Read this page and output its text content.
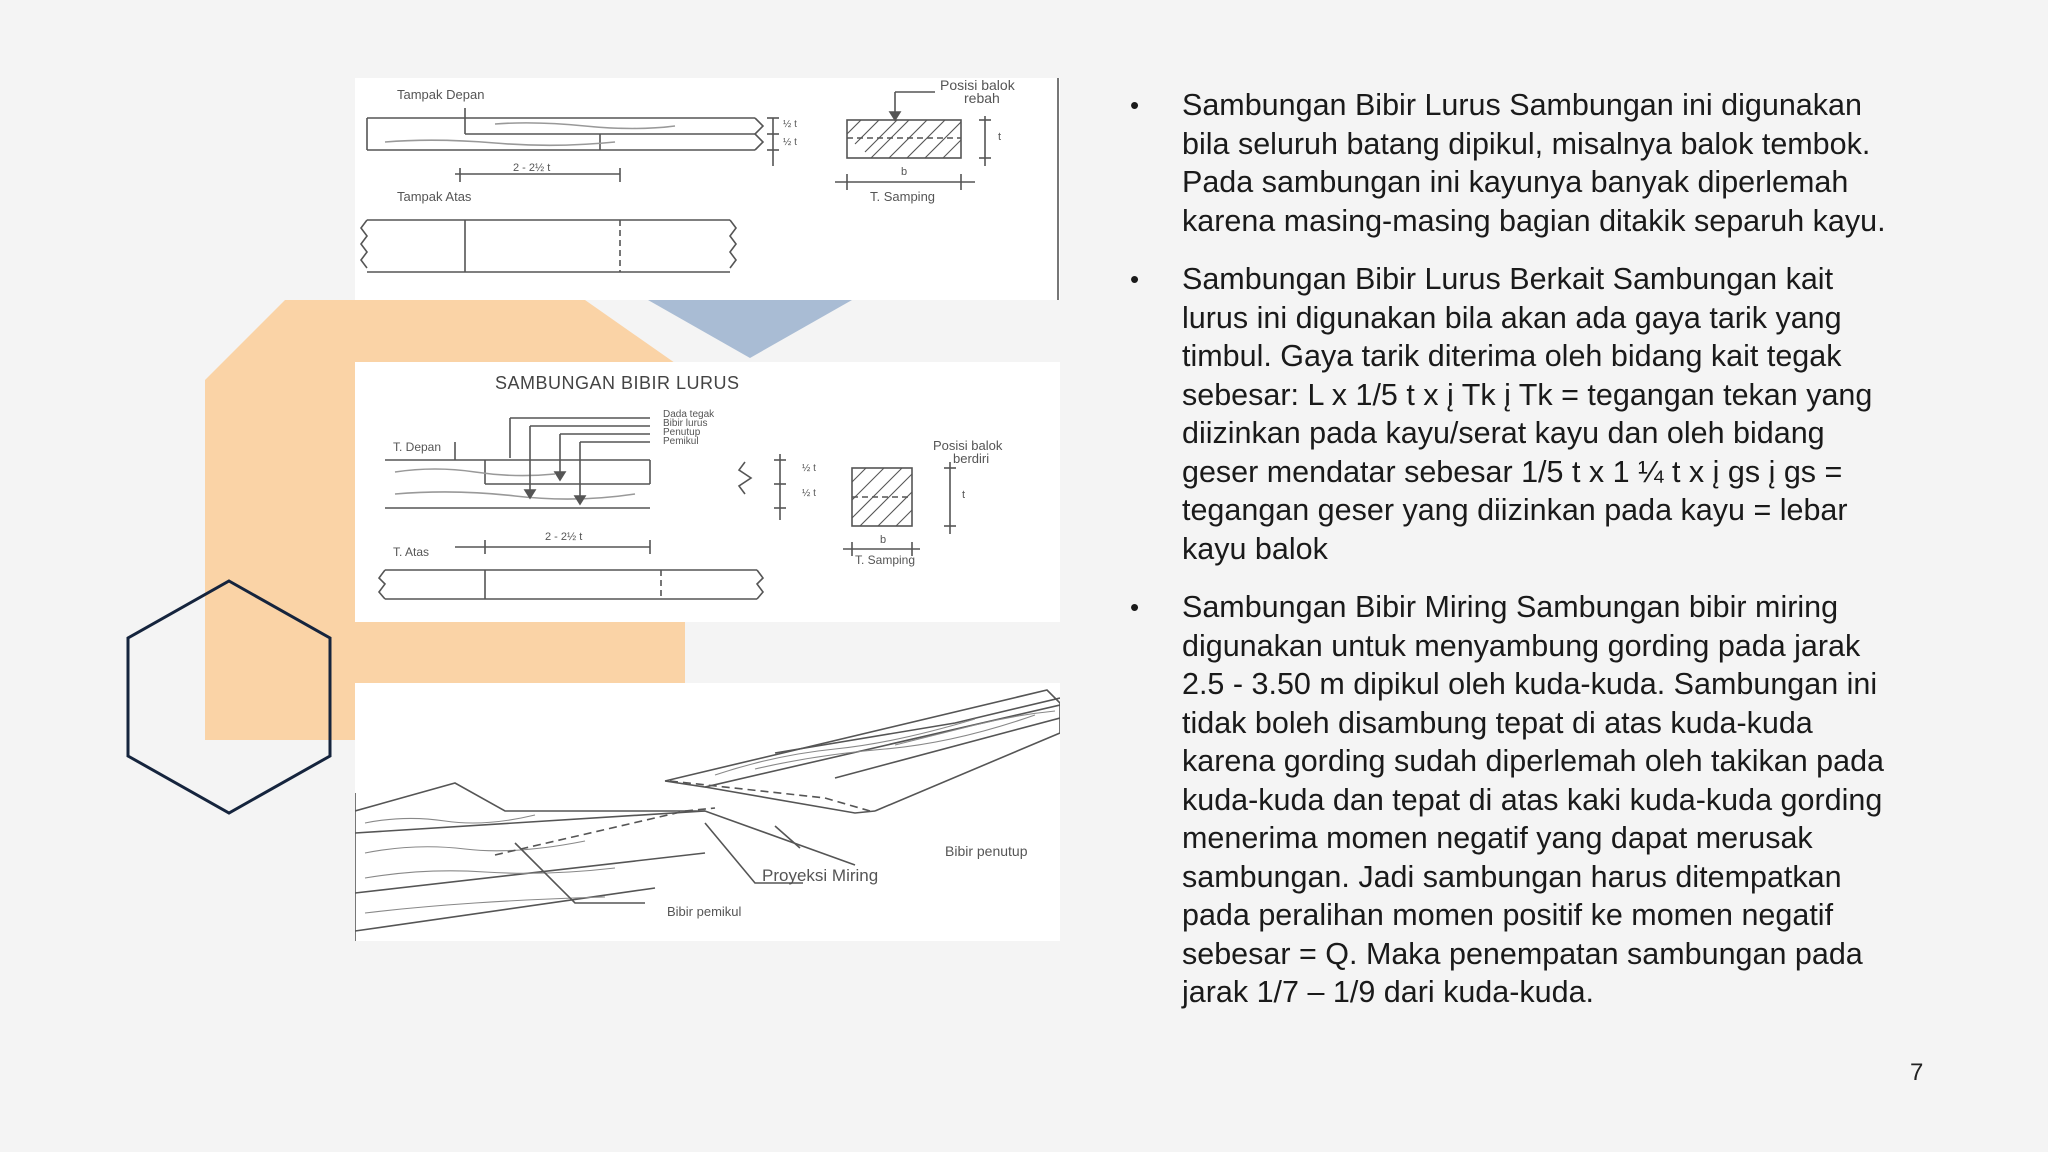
Tampak Depan
Tampak Atas
Posisi balok
rebah
T. Samping
2 - 2½ t
½ t
½ t
b
t
SAMBUNGAN BIBIR LURUS
Dada tegak
Bibir lurus
Penutup
Pemikul
T. Depan
T. Atas
Posisi balok
berdiri
T. Samping
2 - 2½ t
½ t
½ t
b
t
Bibir penutup
Proyeksi Miring
Bibir pemikul
• Sambungan Bibir Lurus Sambungan ini digunakan bila seluruh batang dipikul, misalnya balok tembok. Pada sambungan ini kayunya banyak diperlemah karena masing-masing bagian ditakik separuh kayu.
• Sambungan Bibir Lurus Berkait Sambungan kait lurus ini digunakan bila akan ada gaya tarik yang timbul. Gaya tarik diterima oleh bidang kait tegak sebesar: L x 1/5 t x į Tk į Tk = tegangan tekan yang diizinkan pada kayu/serat kayu dan oleh bidang geser mendatar sebesar 1/5 t x 1 ¼ t x į gs į gs = tegangan geser yang diizinkan pada kayu = lebar kayu balok
• Sambungan Bibir Miring Sambungan bibir miring digunakan untuk menyambung gording pada jarak 2.5 - 3.50 m dipikul oleh kuda-kuda. Sambungan ini tidak boleh disambung tepat di atas kuda-kuda karena gording sudah diperlemah oleh takikan pada kuda-kuda dan tepat di atas kaki kuda-kuda gording menerima momen negatif yang dapat merusak sambungan. Jadi sambungan harus ditempatkan pada peralihan momen positif ke momen negatif sebesar = Q. Maka penempatan sambungan pada jarak 1/7 – 1/9 dari kuda-kuda.
7
